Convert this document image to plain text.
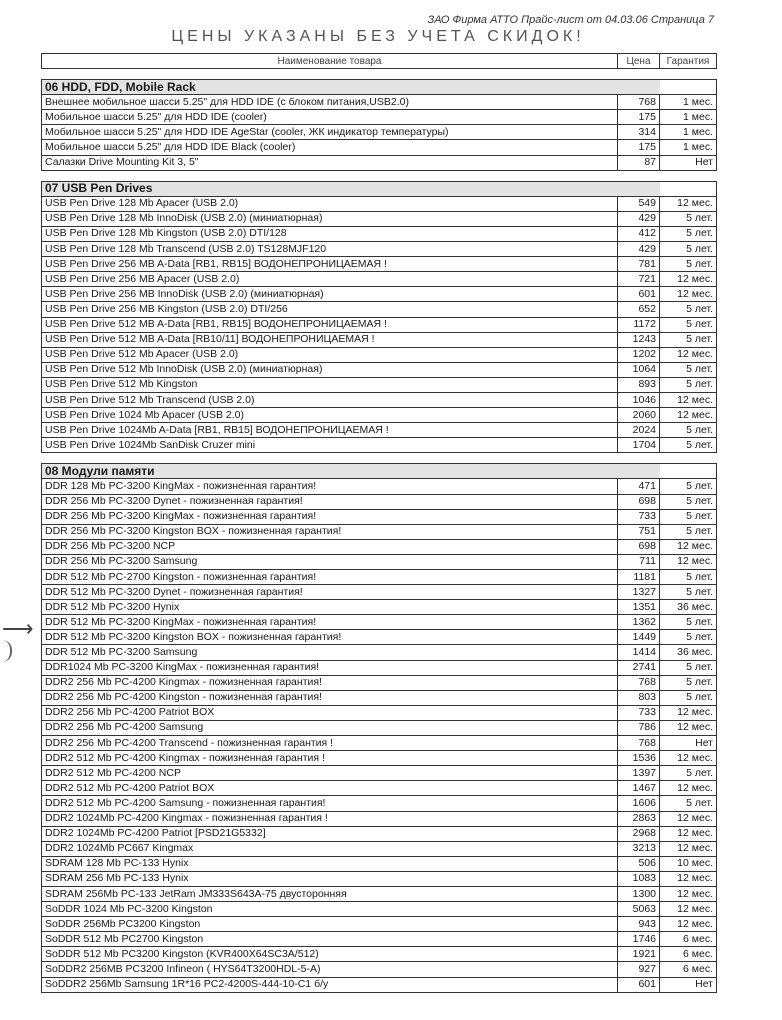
ЗАО Фирма АТТО Прайс-лист от 04.03.06 Страница 7
ЦЕНЫ УКАЗАНЫ БЕЗ УЧЕТА СКИДОК!
⟶
Наименование товара	Цена	Гарантия

06 HDD, FDD, Mobile Rack		
Внешнее мобильное шасси 5.25" для HDD IDE (с блоком питания,USB2.0)	768	1 мес.
Мобильное шасси 5.25" для HDD IDE (cooler)	175	1 мес.
Мобильное шасси 5.25" для HDD IDE AgeStar (cooler, ЖК индикатор температуры)	314	1 мес.
Мобильное шасси 5.25" для HDD IDE Black (cooler)	175	1 мес.
Салазки Drive Mounting Kit 3, 5"	87	Нет

07 USB Pen Drives		
USB Pen Drive 128 Mb Apacer (USB 2.0)	549	12 мес.
USB Pen Drive 128 Mb InnoDisk (USB 2.0) (миниатюрная)	429	5 лет.
USB Pen Drive 128 Mb Kingston (USB 2.0) DTI/128	412	5 лет.
USB Pen Drive 128 Mb Transcend (USB 2.0) TS128MJF120	429	5 лет.
USB Pen Drive 256 MB A-Data [RB1, RB15] ВОДОНЕПРОНИЦАЕМАЯ !	781	5 лет.
USB Pen Drive 256 MB Apacer (USB 2.0)	721	12 мес.
USB Pen Drive 256 MB InnoDisk (USB 2.0) (миниатюрная)	601	12 мес.
USB Pen Drive 256 MB Kingston (USB 2.0) DTI/256	652	5 лет.
USB Pen Drive 512 MB A-Data [RB1, RB15] ВОДОНЕПРОНИЦАЕМАЯ !	1172	5 лет.
USB Pen Drive 512 MB A-Data [RB10/11] ВОДОНЕПРОНИЦАЕМАЯ !	1243	5 лет.
USB Pen Drive 512 Mb Apacer (USB 2.0)	1202	12 мес.
USB Pen Drive 512 Mb InnoDisk (USB 2.0) (миниатюрная)	1064	5 лет.
USB Pen Drive 512 Mb Kingston	893	5 лет.
USB Pen Drive 512 Mb Transcend (USB 2.0)	1046	12 мес.
USB Pen Drive 1024 Mb Apacer (USB 2.0)	2060	12 мес.
USB Pen Drive 1024Mb A-Data [RB1, RB15] ВОДОНЕПРОНИЦАЕМАЯ !	2024	5 лет.
USB Pen Drive 1024Mb SanDisk Cruzer mini	1704	5 лет.

08 Модули памяти		
DDR 128 Mb PC-3200 KingMax - пожизненная гарантия!	471	5 лет.
DDR 256 Mb PC-3200 Dynet - пожизненная гарантия!	698	5 лет.
DDR 256 Mb PC-3200 KingMax - пожизненная гарантия!	733	5 лет.
DDR 256 Mb PC-3200 Kingston BOX - пожизненная гарантия!	751	5 лет.
DDR 256 Mb PC-3200 NCP	698	12 мес.
DDR 256 Mb PC-3200 Samsung	711	12 мес.
DDR 512 Mb PC-2700 Kingston - пожизненная гарантия!	1181	5 лет.
DDR 512 Mb PC-3200 Dynet - пожизненная гарантия!	1327	5 лет.
DDR 512 Mb PC-3200 Hynix	1351	36 мес.
DDR 512 Mb PC-3200 KingMax - пожизненная гарантия!	1362	5 лет.
DDR 512 Mb PC-3200 Kingston BOX - пожизненная гарантия!	1449	5 лет.
DDR 512 Mb PC-3200 Samsung	1414	36 мес.
DDR1024 Mb PC-3200 KingMax - пожизненная гарантия!	2741	5 лет.
DDR2 256 Mb PC-4200 Kingmax - пожизненная гарантия!	768	5 лет.
DDR2 256 Mb PC-4200 Kingston - пожизненная гарантия!	803	5 лет.
DDR2 256 Mb PC-4200 Patriot BOX	733	12 мес.
DDR2 256 Mb PC-4200 Samsung	786	12 мес.
DDR2 256 Mb PC-4200 Transcend - пожизненная гарантия !	768	Нет
DDR2 512 Mb PC-4200 Kingmax - пожизненная гарантия !	1536	12 мес.
DDR2 512 Mb PC-4200 NCP	1397	5 лет.
DDR2 512 Mb PC-4200 Patriot BOX	1467	12 мес.
DDR2 512 Mb PC-4200 Samsung - пожизненная гарантия!	1606	5 лет.
DDR2 1024Mb PC-4200 Kingmax - пожизненная гарантия !	2863	12 мес.
DDR2 1024Mb PC-4200 Patriot [PSD21G5332]	2968	12 мес.
DDR2 1024Mb PC667 Kingmax	3213	12 мес.
SDRAM 128 Mb PC-133 Hynix	506	10 мес.
SDRAM 256 Mb PC-133 Hynix	1083	12 мес.
SDRAM 256Mb PC-133 JetRam JM333S643A-75 двусторонняя	1300	12 мес.
SoDDR 1024 Mb PC-3200 Kingston	5063	12 мес.
SoDDR 256Mb PC3200 Kingston	943	12 мес.
SoDDR 512 Mb PC2700 Kingston	1746	6 мес.
SoDDR 512 Mb PC3200 Kingston (KVR400X64SC3A/512)	1921	6 мес.
SoDDR2 256MB PC3200 Infineon ( HYS64T3200HDL-5-A)	927	6 мес.
SoDDR2 256Mb Samsung 1R*16 PC2-4200S-444-10-C1 б/у	601	Нет
